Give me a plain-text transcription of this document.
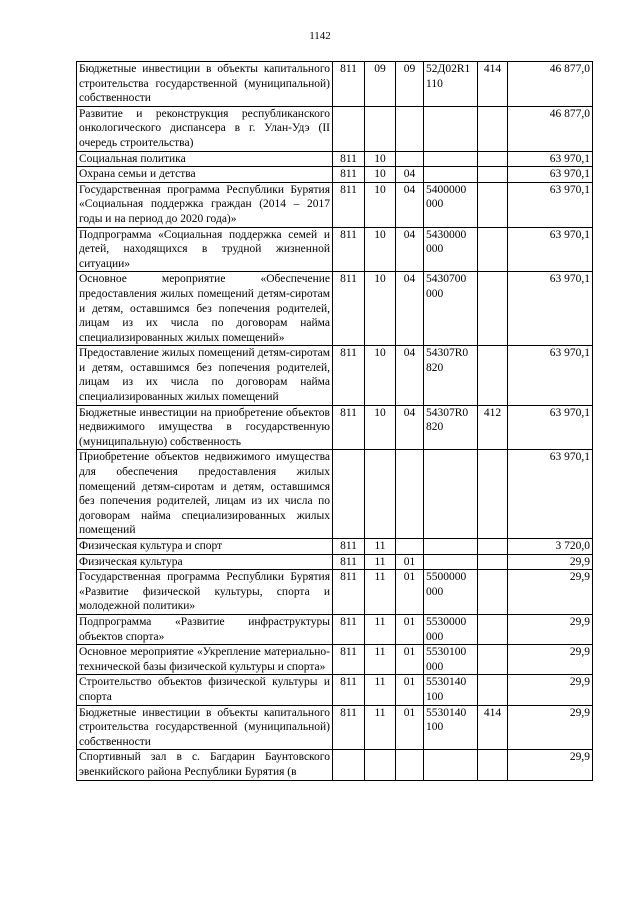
1142
Бюджетные инвестиции в объекты капитального строительства государственной (муниципальной) собственности	811	09	09	52Д02R1 110	414	46 877,0
Развитие и реконструкция республиканского онкологического диспансера в г. Улан-Удэ (II очередь строительства)						46 877,0
Социальная политика	811	10				63 970,1
Охрана семьи и детства	811	10	04			63 970,1
Государственная программа Республики Бурятия «Социальная поддержка граждан (2014 – 2017 годы и на период до 2020 года)»	811	10	04	5400000 000		63 970,1
Подпрограмма «Социальная поддержка семей и детей, находящихся в трудной жизненной ситуации»	811	10	04	5430000 000		63 970,1
Основное мероприятие «Обеспечение предоставления жилых помещений детям-сиротам и детям, оставшимся без попечения родителей, лицам из их числа по договорам найма специализированных жилых помещений»	811	10	04	5430700 000		63 970,1
Предоставление жилых помещений детям-сиротам и детям, оставшимся без попечения родителей, лицам из их числа по договорам найма специализированных жилых помещений	811	10	04	54307R0 820		63 970,1
Бюджетные инвестиции на приобретение объектов недвижимого имущества в государственную (муниципальную) собственность	811	10	04	54307R0 820	412	63 970,1
Приобретение объектов недвижимого имущества для обеспечения предоставления жилых помещений детям-сиротам и детям, оставшимся без попечения родителей, лицам из их числа по договорам найма специализированных жилых помещений						63 970,1
Физическая культура и спорт	811	11				3 720,0
Физическая культура	811	11	01			29,9
Государственная программа Республики Бурятия «Развитие физической культуры, спорта и молодежной политики»	811	11	01	5500000 000		29,9
Подпрограмма «Развитие инфраструктуры объектов спорта»	811	11	01	5530000 000		29,9
Основное мероприятие «Укрепление материально-технической базы физической культуры и спорта»	811	11	01	5530100 000		29,9
Строительство объектов физической культуры и спорта	811	11	01	5530140 100		29,9
Бюджетные инвестиции в объекты капитального строительства государственной (муниципальной) собственности	811	11	01	5530140 100	414	29,9
Спортивный зал в с. Багдарин Баунтовского эвенкийского района Республики Бурятия (в						29,9
